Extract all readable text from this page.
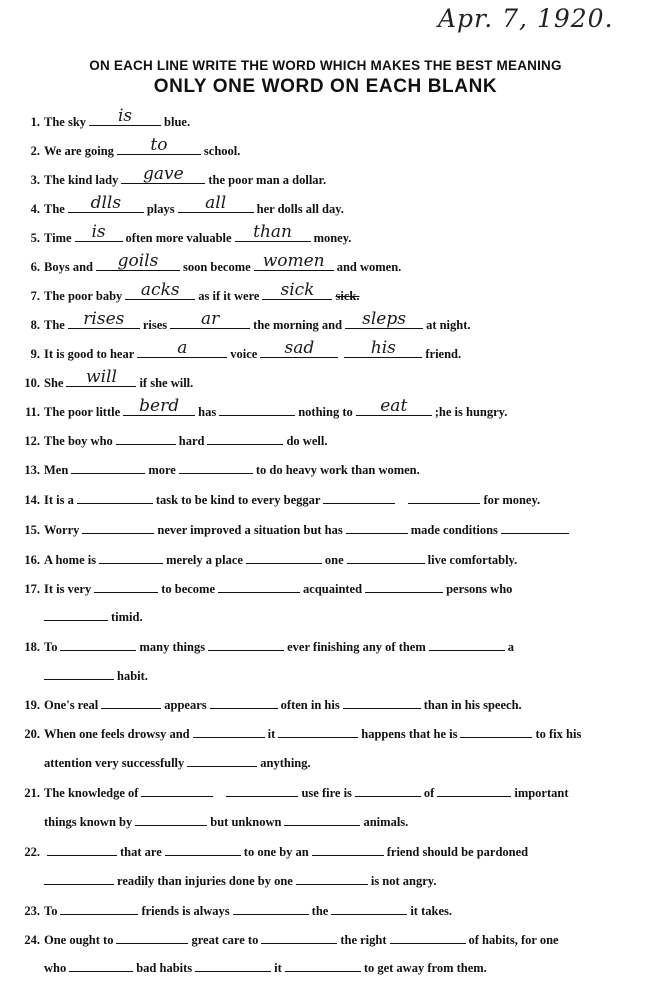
Apr. 7, 1920.
ON EACH LINE WRITE THE WORD WHICH MAKES THE BEST MEANING
ONLY ONE WORD ON EACH BLANK
1. The sky	is	blue.
2. We are going	to	school.
3. The kind lady	gave	the poor man a dollar.
4. The	dlls	plays	all	her dolls all day.
5. Time	is	often more valuable	than	money.
6. Boys and	goils	soon become women and women.
7. The poor baby	acks	as if it were	sick	sick.
8. The	rises	rises	ar	the morning and	sleps	at night.
9. It is good to hear	a	voice	sad	his	friend.
10. She	will	if she will.
11. The poor little	berd	has	nothing to	eat	;he is hungry.
12. The boy who	hard	do well.
13. Men	more	to do heavy work than women.
14. It is a	task to be kind to every beggar	for money.
15. Worry	never improved a situation but has	made conditions
16. A home is	merely a place	one	live comfortably.
17. It is very	to become	acquainted	persons who
timid.
18. To	many things	ever finishing any of them	a
habit.
19. One's real	appears	often in his	than in his speech.
20. When one feels drowsy and	it	happens that he is	to fix his
attention very successfully	anything.
21. The knowledge of	use fire is	of	important
things known by	but unknown	animals.
22.	that are	to one by an	friend should be pardoned
readily than injuries done by one	is not angry.
23. To	friends is always	the	it takes.
24. One ought to	great care to	the right	of habits, for one
who	bad habits	it	to get away from them.
